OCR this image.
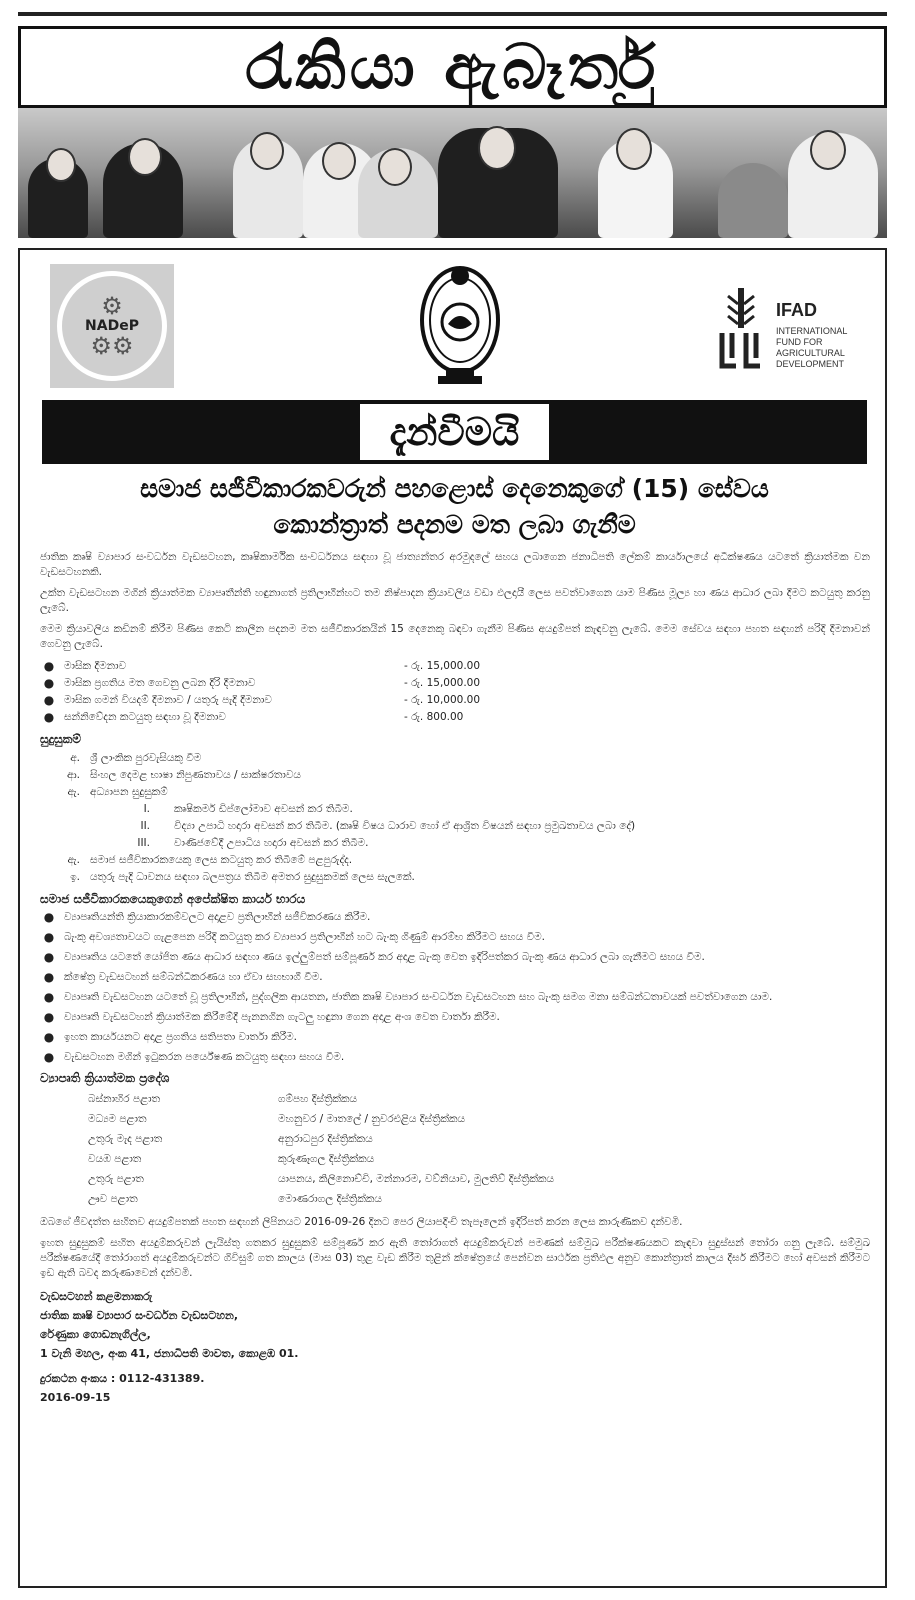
රැකියා ඇබෑර්තු
⚙
NADeP
⚙⚙
IFAD
INTERNATIONAL
FUND FOR
AGRICULTURAL
DEVELOPMENT
දැන්වීමයි
සමාජ සජීවීකාරකවරුන් පහළොස් දෙනෙකුගේ (15) සේවය
කොන්ත්‍රාත් පදනම මත ලබා ගැනීම

ජාතික කෘෂි ව්‍යාපාර සංවර්ධන වැඩසටහන, කෘෂිකාර්මික සංවර්ධනය සඳහා වූ ජාත්‍යන්තර අරමුදලේ සහය ලබාගෙන ජනාධිපති ලේකම් කාර්යාලයේ අධීක්ෂණය යටතේ ක්‍රියාත්මක වන වැඩසටහනකි.

උක්ත වැඩසටහන මගින් ක්‍රියාත්මක ව්‍යාපෘතීන්ති හඳුනාගත් ප්‍රතිලාභීන්හට තම නිෂ්පාදන ක්‍රියාවලිය වඩා ඵලදායී ලෙස පවත්වාගෙන යාම පිණිස මූල්‍ය හා ණය ආධාර ලබා දීමට කටයුතු කරනු ලැබේ.

මෙම ක්‍රියාවලිය කඩිනම් කිරීම පිණිස කෙටි කාලීන පදනම මත සජීවීකාරකයින් 15 දෙනෙකු බඳවා ගැනීම පිණිස අයදුම්පත් කැඳවනු ලැබේ. මෙම සේවය සඳහා පහත සඳහන් පරිදි දීමනාවන් ගෙවනු ලැබේ.

● මාසික දීමනාව	- රු. 15,000.00
● මාසික ප්‍රගතිය මත ගෙවනු ලබන දිරි දීමනාව	- රු. 15,000.00
● මාසික ගමන් වියදම් දීමනාව / යතුරු පැදි දීමනාව	- රු. 10,000.00
● සන්නිවේදන කටයුතු සඳහා වූ දීමනාව	- රු. 800.00
සුදුසුකම්
අ. ශ්‍රී ලාංකික පුරවැසියකු වීම
ආ. සිංහල දෙමළ භාෂා නිපුණතාවය / සාක්ෂරතාවය
ඇ. අධ්‍යාපන සුදුසුකම්
I.	කෘෂිකර්ම ඩිප්ලෝමාව අවසන් කර තිබීම.
II.	විද්‍යා උපාධි හදාරා අවසන් කර තිබීම. (කෘෂි විෂය ධාරාව හෝ ඒ ආශ්‍රිත විෂයන් සඳහා ප්‍රමුඛතාවය ලබා දේ)
III.	වාණිජවේදී උපාධිය හදාරා අවසන් කර තිබීම.
ඇ. සමාජ සජීවිකාරකයෙකු ලෙස කටයුතු කර තිබීමේ පළපුරුද්ද.
ඉ. යතුරු පැදි ධාවනය සඳහා බලපත්‍රය තිබීම අමතර සුදුසුකමක් ලෙස සැලකේ.
සමාජ සජීවිකාරකයෙකුගෙන් අපේක්ෂිත කාර්ය භාරය
● ව්‍යාපෘතියන්ති ක්‍රියාකාරකම්වලට අදාළව ප්‍රතිලාභීන් සජීවිකරණය කිරීම.
● බැංකු අවශ්‍යතාවයට ගැළපෙන පරිදි කටයුතු කර ව්‍යාපාර ප්‍රතිලාභීන් හට බැංකු ගිණුම් ආරම්භ කිරීමට සහය වීම.
● ව්‍යාපෘතිය යටතේ යෝජිත ණය ආධාර සඳහා ණය ඉල්ලුම්පත් සම්පූර්ණ කර අදාළ බැංකු වෙත ඉදිරිපත්කර බැංකු ණය ආධාර ලබා ගැනීමට සහය වීම.
● ක්ෂේත්‍ර වැඩසටහන් සම්බන්ධීකරණය හා ඒවා සහභාගී වීම.
● ව්‍යාපෘති වැඩසටහන යටතේ වූ ප්‍රතිලාභීන්, පුද්ගලික ආයතන, ජාතික කෘෂි ව්‍යාපාර සංවර්ධන වැඩසටහන සහ බැංකු සමග මනා සම්බන්ධතාවයක් පවත්වාගෙන යාම.
● ව්‍යාපෘති වැඩසටහන් ක්‍රියාත්මක කිරීමේදී පැනනගින ගැටලු හඳුනා ගෙන අදාළ අංශ වෙත වාර්තා කිරීම.
● ඉහත කාර්යයනට අදාළ ප්‍රගතිය සතිපතා වාර්තා කිරීම.
● වැඩසටහන මගින් ඉටුකරන පර්යේෂණ කටයුතු සඳහා සහය වීම.
ව්‍යාපෘති ක්‍රියාත්මක ප්‍රදේශ
බස්නාහිර පළාත	ගම්පහ දිස්ත්‍රික්කය
මධ්‍යම පළාත	මහනුවර / මාතලේ / නුවරඑළිය දිස්ත්‍රික්කය
උතුරු මැද පළාත	අනුරාධපුර දිස්ත්‍රික්කය
වයඹ පළාත	කුරුණෑගල දිස්ත්‍රික්කය
උතුරු පළාත	යාපනය, කිලිනොච්චි, මන්නාරම, වව්නියාව, මුලතිව් දිස්ත්‍රික්කය
ඌව පළාත	මොණරාගල දිස්ත්‍රික්කය

ඔබගේ ජීවදත්ත සහිතව අයදුම්පතක් පහත සඳහන් ලිපිනයට 2016-09-26 දිනට පෙර ලියාපදිංචි තැපෑලෙන් ඉදිරිපත් කරන ලෙස කාරුණිකව දන්වමි.

ඉහත සුදුසුකම් සහිත අයදුම්කරුවන් ලැයිස්තු ගතකර සුදුසුකම් සම්පූර්ණ කර ඇති තෝරාගත් අයදුම්කරුවන් පමණක් සම්මුඛ පරීක්ෂණයකට කැඳවා සුදුස්සන් තෝරා ගනු ලැබේ. සම්මුඛ පරීක්ෂණයේදී තෝරාගත් අයදුම්කරුවන්ට ගිවිසුම් ගත කාලය (මාස 03) තුළ වැඩ කිරීම තුළින් ක්ෂේත්‍රයේ පෙන්වන සාර්ථක ප්‍රතිඵල අනුව කොන්ත්‍රාත් කාලය දීර්ඝ කිරීමට හෝ අවසන් කිරීමට ඉඩ ඇති බවද කරුණාවෙන් දන්වමි.

වැඩසටහන් කළමනාකරු
ජාතික කෘෂි ව්‍යාපාර සංවර්ධන වැඩසටහන,
රේණුකා ගොඩනැගිල්ල,
1 වැනි මහල, අංක 41, ජනාධිපති මාවත, කොළඹ 01.
දුරකථන අංකය : 0112-431389.
2016-09-15
